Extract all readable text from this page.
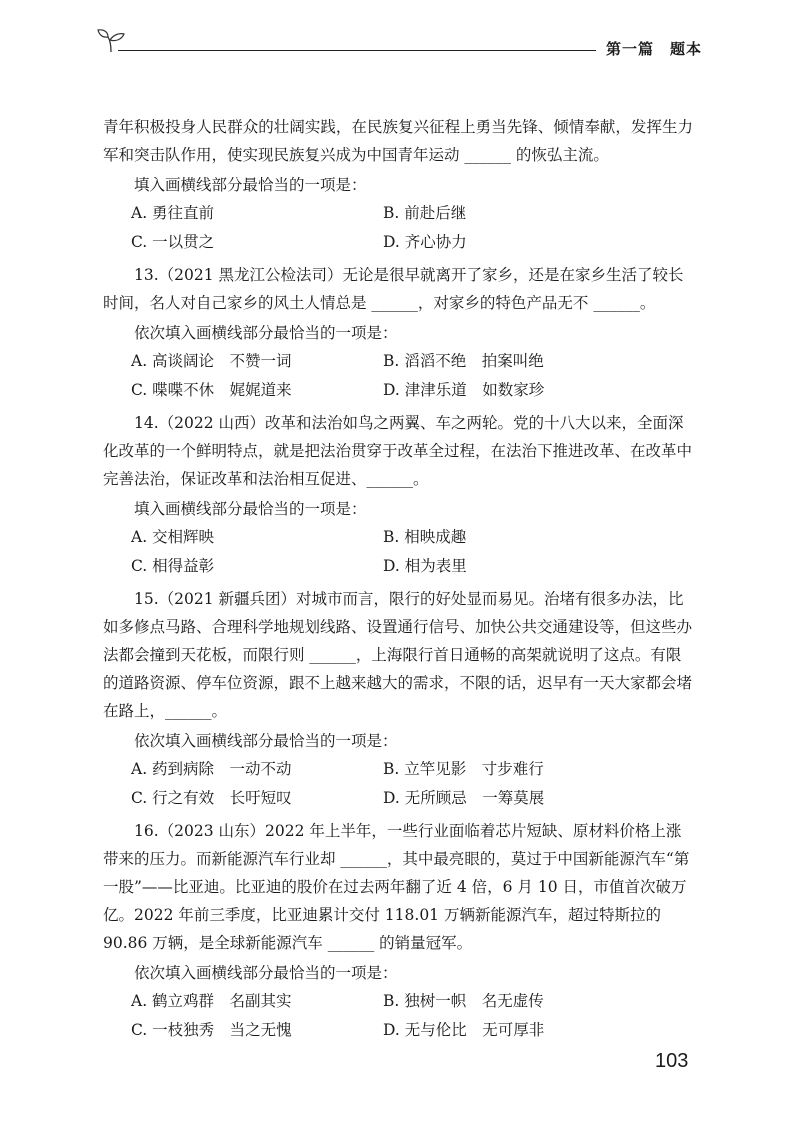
第一篇　题本

青年积极投身人民群众的壮阔实践，在民族复兴征程上勇当先锋、倾情奉献，发挥生力军和突击队作用，使实现民族复兴成为中国青年运动 ______ 的恢弘主流。

填入画横线部分最恰当的一项是：

A. 勇往直前	B. 前赴后继
C. 一以贯之	D. 齐心协力

13.（2021 黑龙江公检法司）无论是很早就离开了家乡，还是在家乡生活了较长时间，名人对自己家乡的风土人情总是 ______，对家乡的特色产品无不 ______。

依次填入画横线部分最恰当的一项是：

A. 高谈阔论　不赞一词	B. 滔滔不绝　拍案叫绝
C. 喋喋不休　娓娓道来	D. 津津乐道　如数家珍

14.（2022 山西）改革和法治如鸟之两翼、车之两轮。党的十八大以来，全面深化改革的一个鲜明特点，就是把法治贯穿于改革全过程，在法治下推进改革、在改革中完善法治，保证改革和法治相互促进、______。

填入画横线部分最恰当的一项是：

A. 交相辉映	B. 相映成趣
C. 相得益彰	D. 相为表里

15.（2021 新疆兵团）对城市而言，限行的好处显而易见。治堵有很多办法，比如多修点马路、合理科学地规划线路、设置通行信号、加快公共交通建设等，但这些办法都会撞到天花板，而限行则 ______，上海限行首日通畅的高架就说明了这点。有限的道路资源、停车位资源，跟不上越来越大的需求，不限的话，迟早有一天大家都会堵在路上，______。

依次填入画横线部分最恰当的一项是：

A. 药到病除　一动不动	B. 立竿见影　寸步难行
C. 行之有效　长吁短叹	D. 无所顾忌　一筹莫展

16.（2023 山东）2022 年上半年，一些行业面临着芯片短缺、原材料价格上涨带来的压力。而新能源汽车行业却 ______，其中最亮眼的，莫过于中国新能源汽车“第一股”——比亚迪。比亚迪的股价在过去两年翻了近 4 倍，6 月 10 日，市值首次破万亿。2022 年前三季度，比亚迪累计交付 118.01 万辆新能源汽车，超过特斯拉的 90.86 万辆，是全球新能源汽车 ______ 的销量冠军。

依次填入画横线部分最恰当的一项是：

A. 鹤立鸡群　名副其实	B. 独树一帜　名无虚传
C. 一枝独秀　当之无愧	D. 无与伦比　无可厚非
103
